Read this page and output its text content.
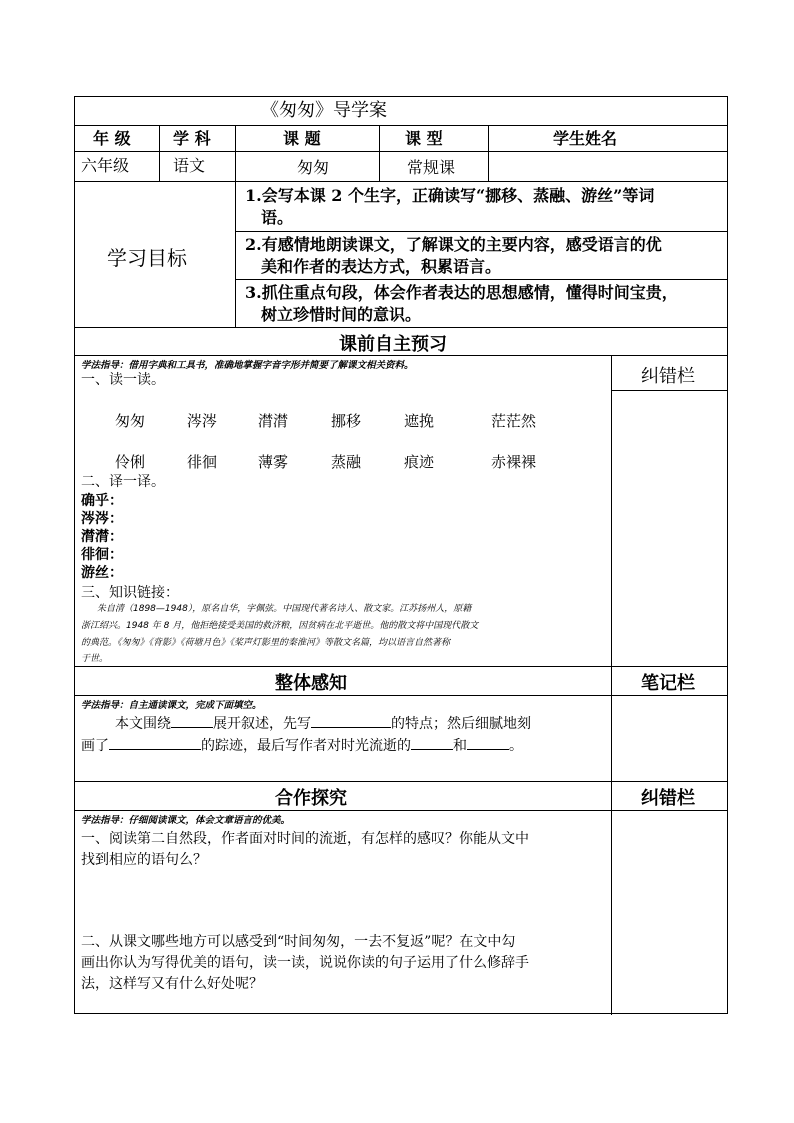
《匆匆》导学案
年 级	学 科	课 题	课 型	学生姓名
六年级	语文	匆匆	常规课
学习目标
1.会写本课 2 个生字，正确读写“挪移、蒸融、游丝”等词
语。
2.有感情地朗读课文，了解课文的主要内容，感受语言的优
美和作者的表达方式，积累语言。
3.抓住重点句段，体会作者表达的思想感情，懂得时间宝贵，
树立珍惜时间的意识。
课前自主预习
纠错栏
学法指导：借用字典和工具书，准确地掌握字音字形并简要了解课文相关资料。
一、读一读。
匆匆	涔涔	潸潸	挪移	遮挽	茫茫然
伶俐	徘徊	薄雾	蒸融	痕迹	赤裸裸
二、译一译。
确乎：
涔涔：
潸潸：
徘徊：
游丝：
三、知识链接：
朱自清（1898—1948），原名自华，字佩弦。中国现代著名诗人、散文家。江苏扬州人，原籍
浙江绍兴。1948 年 8 月，他拒绝接受美国的救济粮，因贫病在北平逝世。他的散文将中国现代散文
的典范。《匆匆》《背影》《荷塘月色》《桨声灯影里的秦淮河》等散文名篇，均以语言自然著称
于世。
整体感知	笔记栏
学法指导：自主通读课文，完成下面填空。
本文围绕	展开叙述，先写	的特点；然后细腻地刻
画了	的踪迹，最后写作者对时光流逝的	和	。
合作探究	纠错栏
学法指导：仔细阅读课文，体会文章语言的优美。
一、阅读第二自然段，作者面对时间的流逝，有怎样的感叹？你能从文中
找到相应的语句么？
二、从课文哪些地方可以感受到“时间匆匆，一去不复返”呢？在文中勾
画出你认为写得优美的语句，读一读，说说你读的句子运用了什么修辞手
法，这样写又有什么好处呢？
